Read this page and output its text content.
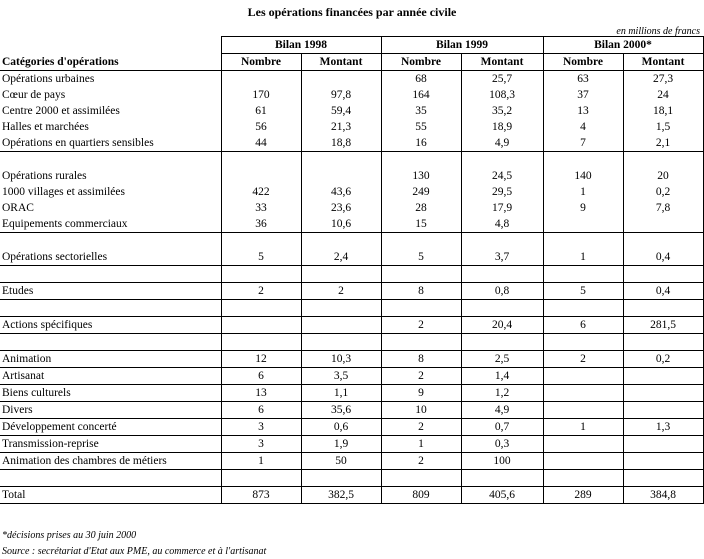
Les opérations financées par année civile
en millions de francs
	Bilan 1998		Bilan 1999		Bilan 2000*	
Catégories d'opérations	Nombre	Montant	Nombre	Montant	Nombre	Montant
Opérations urbaines			68	25,7	63	27,3
Cœur de pays	170	97,8	164	108,3	37	24
Centre 2000 et assimilées	61	59,4	35	35,2	13	18,1
Halles et marchées	56	21,3	55	18,9	4	1,5
Opérations en quartiers sensibles	44	18,8	16	4,9	7	2,1

Opérations rurales			130	24,5	140	20
1000 villages et assimilées	422	43,6	249	29,5	1	0,2
ORAC	33	23,6	28	17,9	9	7,8
Equipements commerciaux	36	10,6	15	4,8		

Opérations sectorielles	5	2,4	5	3,7	1	0,4

Etudes	2	2	8	0,8	5	0,4

Actions spécifiques			2	20,4	6	281,5

Animation	12	10,3	8	2,5	2	0,2
Artisanat	6	3,5	2	1,4		
Biens culturels	13	1,1	9	1,2		
Divers	6	35,6	10	4,9		
Développement concerté	3	0,6	2	0,7	1	1,3
Transmission-reprise	3	1,9	1	0,3		
Animation des chambres de métiers	1	50	2	100		

Total	873	382,5	809	405,6	289	384,8
*décisions prises au 30 juin 2000
Source : secrétariat d'Etat aux PME, au commerce et à l'artisanat
